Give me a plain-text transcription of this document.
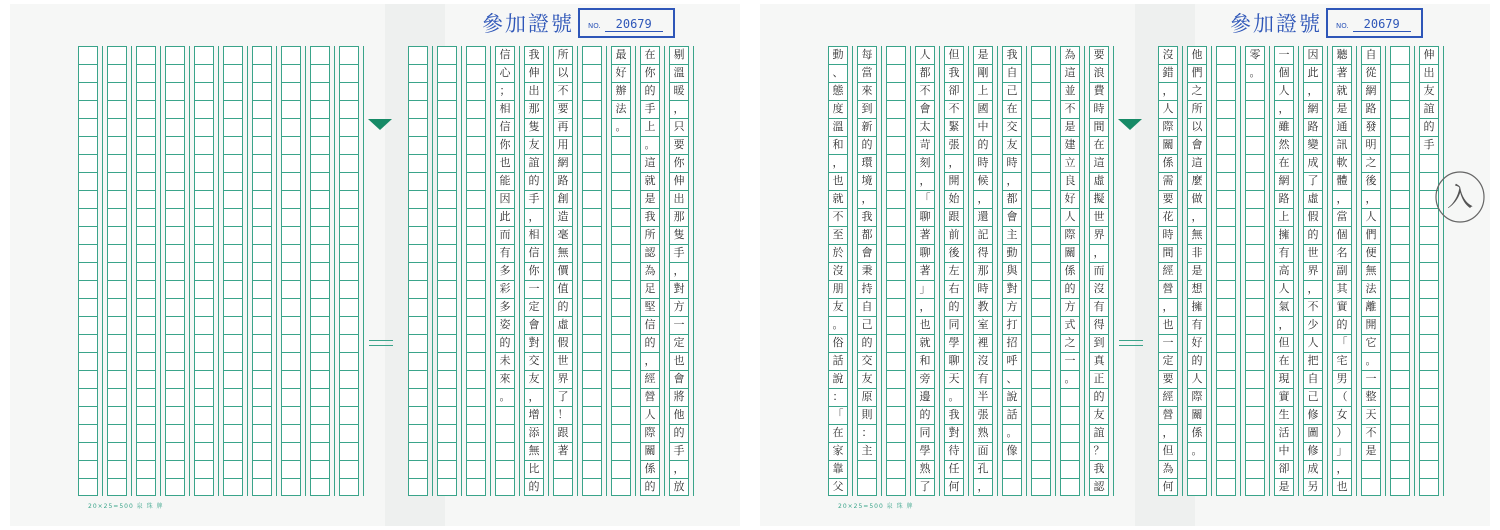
參加證號 NO.	20679
剔
溫
暖
，
只
要
你
伸
出
那
隻
手
，
對
方
一
定
也
會
將
他
的
手
，
放
在
你
的
手
上
。
這
就
是
我
所
認
為
足
堅
信
的
，
經
營
人
際
關
係
的
最
好
辦
法
。
所
以
不
要
再
用
網
路
創
造
毫
無
價
值
的
虛
假
世
界
了
！
跟
著
我
伸
出
那
隻
友
誼
的
手
，
相
信
你
一
定
會
對
交
友
，
增
添
無
比
的
信
心
；
相
信
你
也
能
因
此
而
有
多
彩
多
姿
的
未
來
。
20×25=500 泉 珠 牌
參加證號 NO.	20679
伸
出
友
誼
的
手
自
從
網
路
發
明
之
後
，
人
們
便
無
法
離
開
它
。
一
整
天
不
是
聽
著
就
是
通
訊
軟
體
，
當
個
名
副
其
實
的
「
宅
男
（
女
）
」
，
也
因
此
，
網
路
變
成
了
虛
假
的
世
界
，
不
少
人
把
自
己
修
圖
修
成
另
一
個
人
，
雖
然
在
網
路
上
擁
有
高
人
氣
，
但
在
現
實
生
活
中
卻
是
零
。
他
們
之
所
以
會
這
麼
做
，
無
非
是
想
擁
有
好
的
人
際
關
係
。
沒
錯
，
人
際
關
係
需
要
花
時
間
經
營
，
也
一
定
要
經
營
，
但
為
何
要
浪
費
時
間
在
這
虛
擬
世
界
，
而
沒
有
得
到
真
正
的
友
誼
？
我
認
為
這
並
不
是
建
立
良
好
人
際
關
係
的
方
式
之
一
。
我
自
己
在
交
友
時
，
都
會
主
動
與
對
方
打
招
呼
、
說
話
。
像
是
剛
上
國
中
的
時
候
，
還
記
得
那
時
教
室
裡
沒
有
半
張
熟
面
孔
，
但
我
卻
不
緊
張
，
開
始
跟
前
後
左
右
的
同
學
聊
天
。
我
對
待
任
何
人
都
不
會
太
苛
刻
，
「
聊
著
聊
著
」
，
也
就
和
旁
邊
的
同
學
熟
了
每
當
來
到
新
的
環
境
，
我
都
會
秉
持
自
己
的
交
友
原
則
：
主
動
、
態
度
溫
和
，
也
就
不
至
於
沒
朋
友
。
俗
話
說
：
「
在
家
靠
父
20×25=500 泉 珠 牌
入
